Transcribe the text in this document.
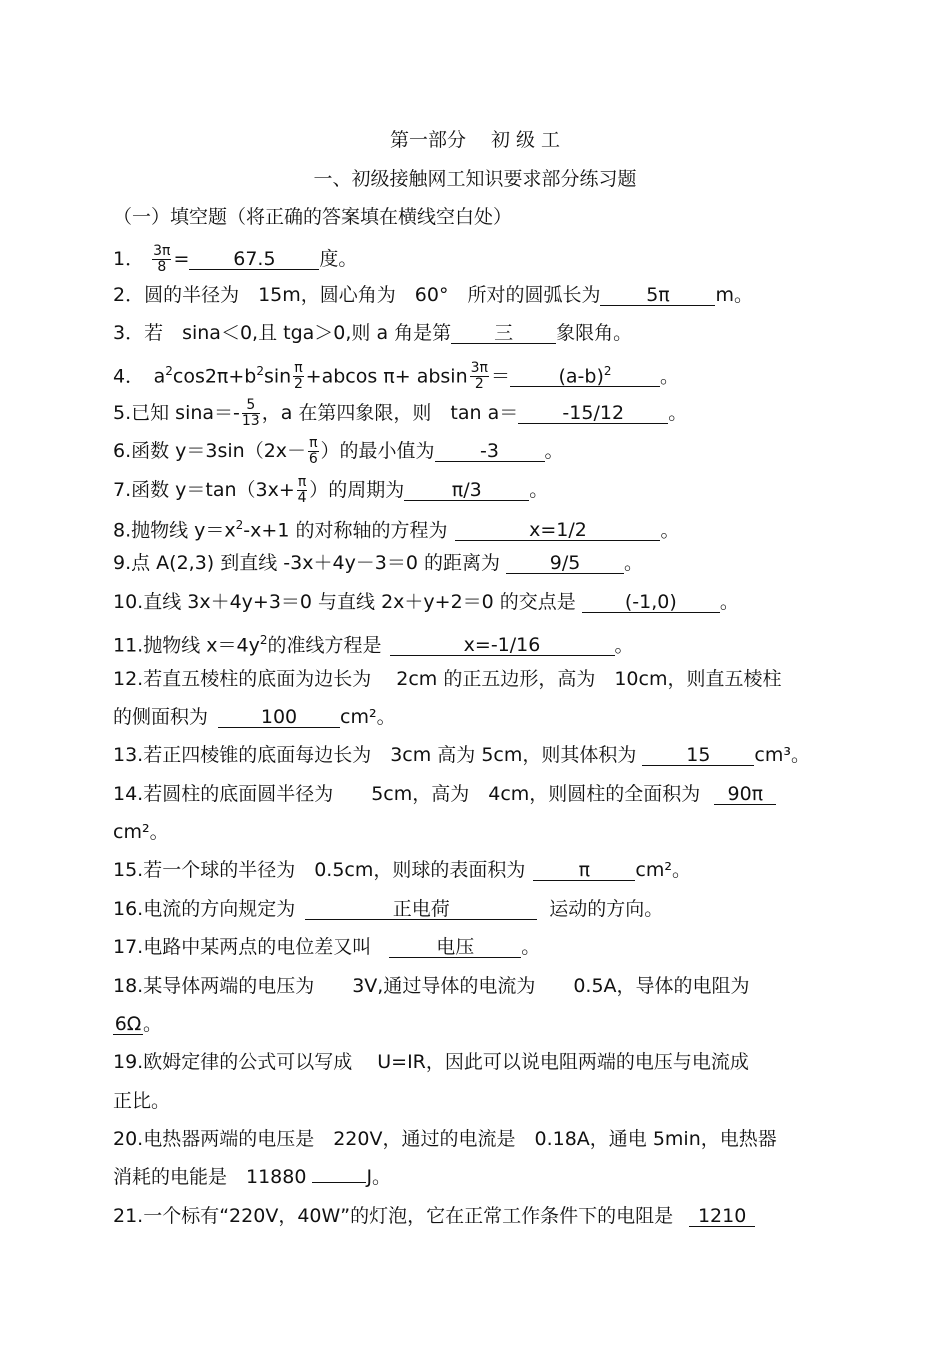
第一部分　 初 级 工
一、初级接触网工知识要求部分练习题
（一）填空题（将正确的答案填在横线空白处）
1． $\frac{3\pi}{8} = 67.5$ 度。
2．圆的半径为　15m，圆心角为　60°　所对的圆弧长为 5π m。
3．若　sina＜0,且 tga＞0,则 a 角是第 三 象限角。
4．　$a^2\cos 2\pi+b^2\sin \frac{\pi}{2} +abcos$ π+ absin $\frac{3\pi}{2}$ ＝	$(a-b)^2$	。
5.已知 $\sin a=- \frac{5}{13}$ ，a 在第四象限，则　tan a＝ -15/12 。
6.函数 $y=3\sin(2x- \frac{\pi}{6}$ ）的最小值为 -3 。
7.函数 $y=\tan(3x+ \frac{\pi}{4}$ ）的周期为	π/3	。
8.抛物线 $y=x^2-x+1$ 的对称轴的方程为	x=1/2	。
9.点 A(2,3) 到直线 -3x＋4y－3＝0 的距离为	9/5 。
10.直线 3x＋4y+3＝0 与直线 2x＋y+2＝0 的交点是	(-1,0) 。
11.抛物线 $x=4y^2$的准线方程是	x=-1/16	。
12.若直五棱柱的底面为边长为　 2cm 的正五边形，高为　10cm，则直五棱柱
的侧面积为	100 cm²。
13.若正四棱锥的底面每边长为　3cm 高为 5cm，则其体积为	15 cm³。
14.若圆柱的底面圆半径为　　5cm，高为　4cm，则圆柱的全面积为 90π
cm²。
15.若一个球的半径为　0.5cm，则球的表面积为	π cm²。
16.电流的方向规定为	正电荷	运动的方向。
17.电路中某两点的电位差又叫	电压 。
18.某导体两端的电压为　　3V,通过导体的电流为　　0.5A，导体的电阻为
6Ω。
19.欧姆定律的公式可以写成　 U=IR，因此可以说电阻两端的电压与电流成
正比。
20.电热器两端的电压是　220V，通过的电流是　0.18A，通电 5min，电热器
消耗的电能是　11880	J。
21.一个标有“220V，40W”的灯泡，它在正常工作条件下的电阻是 1210
